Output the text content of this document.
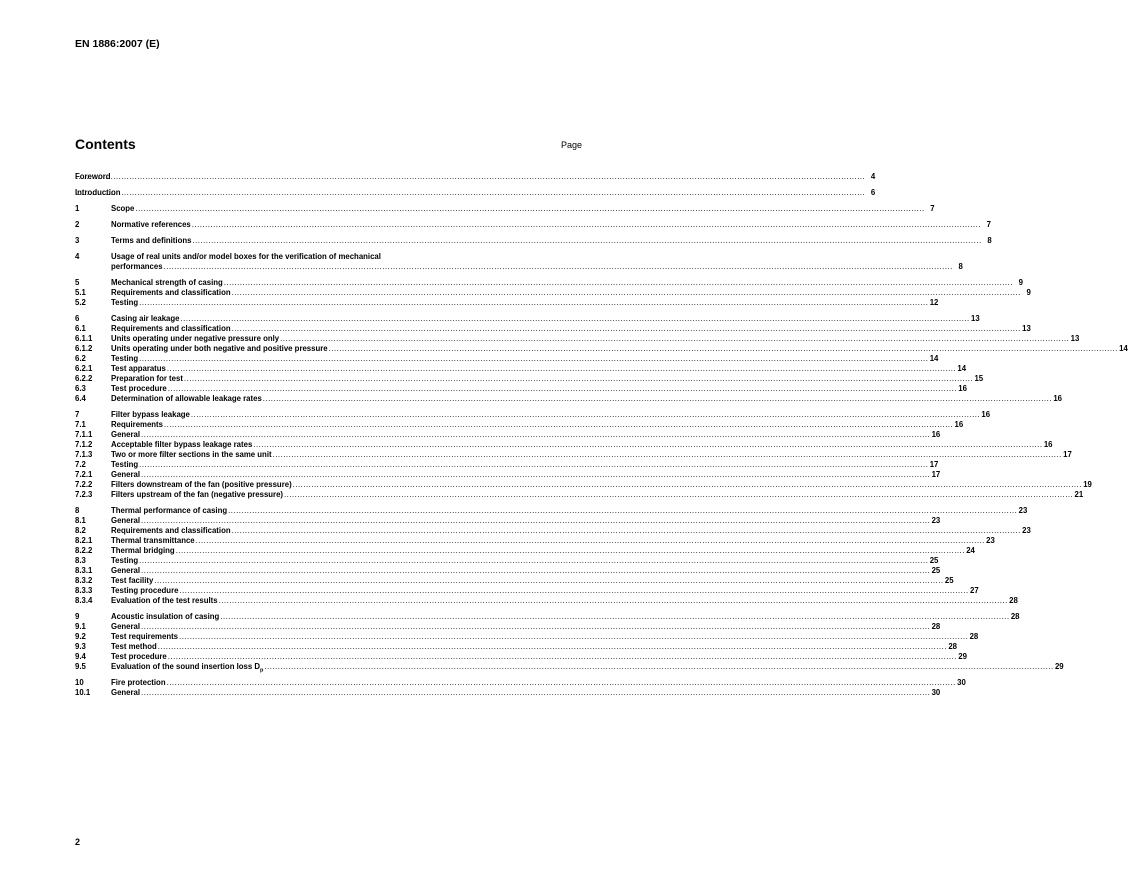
EN 1886:2007 (E)
Contents	Page
Foreword .....	4
Introduction .....	6
1	Scope .....	7
2	Normative references .....	7
3	Terms and definitions .....	8
4	Usage of real units and/or model boxes for the verification of mechanical
performances .....	8
5	Mechanical strength of casing .....	9
5.1	Requirements and classification .....	9
5.2	Testing .....	12
6	Casing air leakage .....	13
6.1	Requirements and classification .....	13
6.1.1	Units operating under negative pressure only .....	13
6.1.2	Units operating under both negative and positive pressure .....	14
6.2	Testing .....	14
6.2.1	Test apparatus .....	14
6.2.2	Preparation for test .....	15
6.3	Test procedure .....	16
6.4	Determination of allowable leakage rates .....	16
7	Filter bypass leakage .....	16
7.1	Requirements .....	16
7.1.1	General .....	16
7.1.2	Acceptable filter bypass leakage rates .....	16
7.1.3	Two or more filter sections in the same unit .....	17
7.2	Testing .....	17
7.2.1	General .....	17
7.2.2	Filters downstream of the fan (positive pressure) .....	19
7.2.3	Filters upstream of the fan (negative pressure) .....	21
8	Thermal performance of casing .....	23
8.1	General .....	23
8.2	Requirements and classification .....	23
8.2.1	Thermal transmittance .....	23
8.2.2	Thermal bridging .....	24
8.3	Testing .....	25
8.3.1	General .....	25
8.3.2	Test facility .....	25
8.3.3	Testing procedure .....	27
8.3.4	Evaluation of the test results .....	28
9	Acoustic insulation of casing .....	28
9.1	General .....	28
9.2	Test requirements .....	28
9.3	Test method .....	28
9.4	Test procedure .....	29
9.5	Evaluation of the sound insertion loss $D_p$ .....	29
10	Fire protection .....	30
10.1	General .....	30
2
